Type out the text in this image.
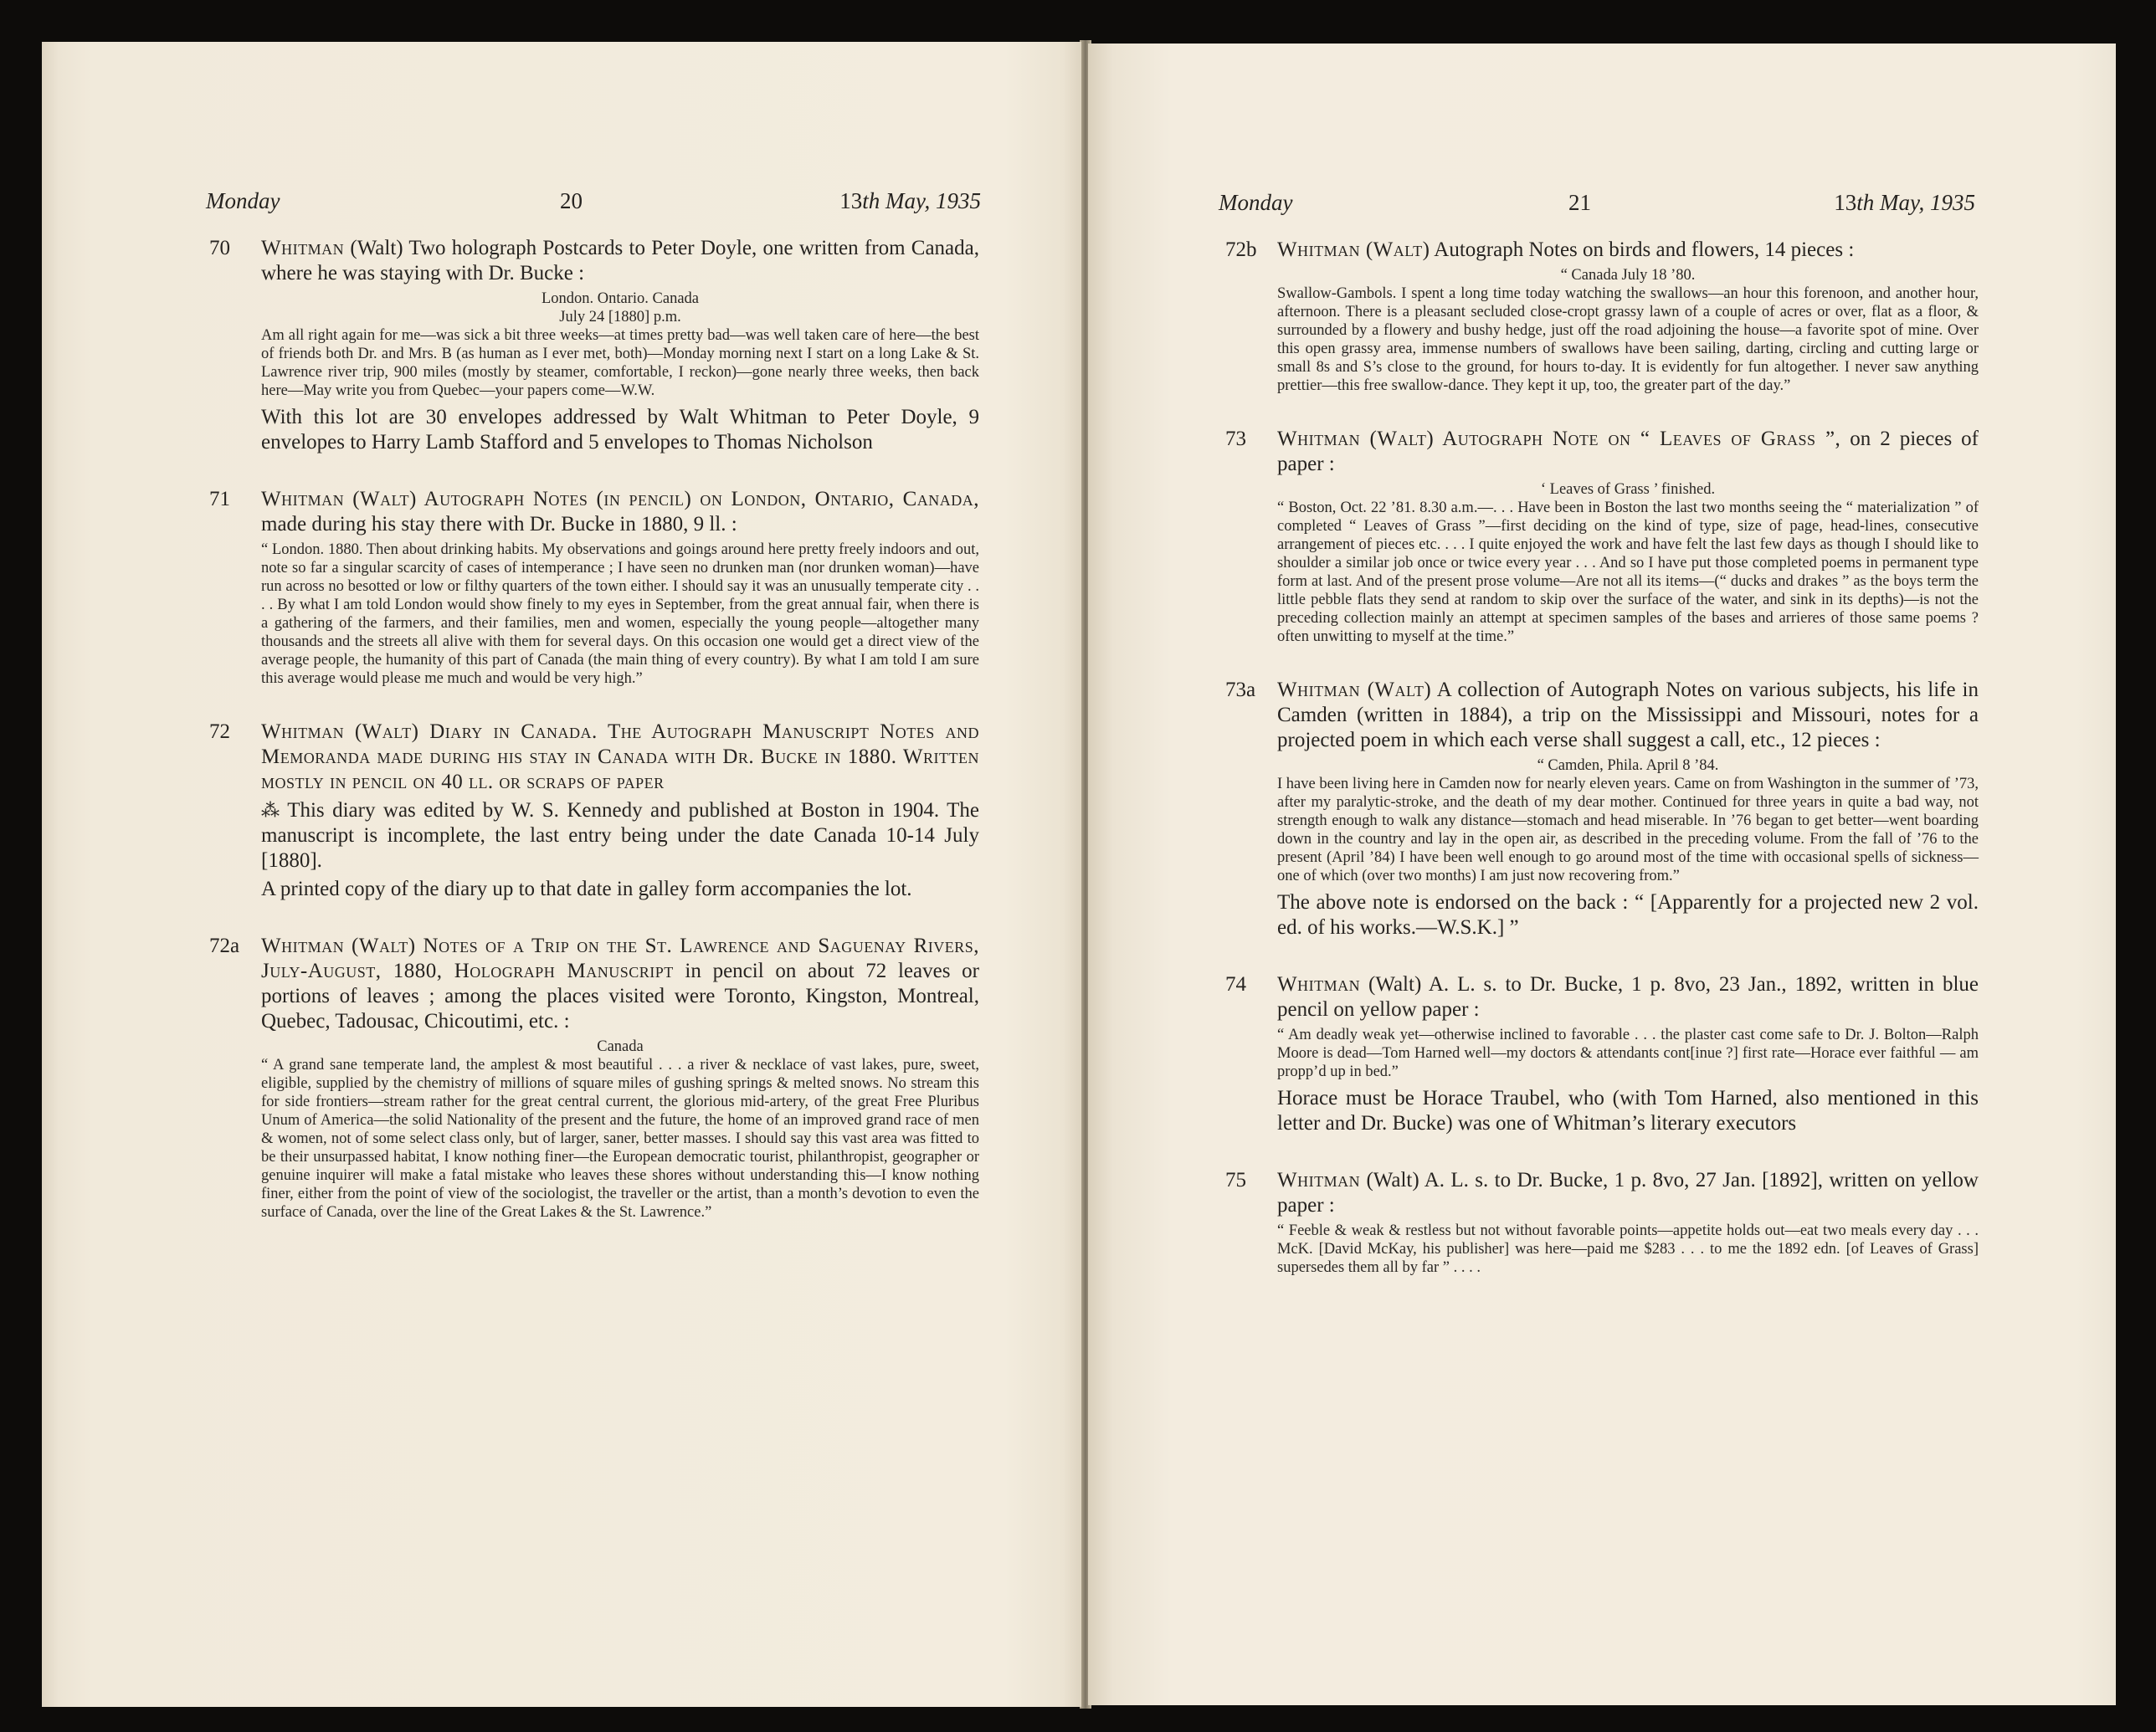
Monday	20	13th May, 1935
70 Whitman (Walt) Two holograph Postcards to Peter Doyle, one written from Canada, where he was staying with Dr. Bucke :
London. Ontario. Canada
July 24 [1880] p.m.
Am all right again for me—was sick a bit three weeks—at times pretty bad—was well taken care of here—the best of friends both Dr. and Mrs. B (as human as I ever met, both)—Monday morning next I start on a long Lake & St. Lawrence river trip, 900 miles (mostly by steamer, comfortable, I reckon)—gone nearly three weeks, then back here—May write you from Quebec—your papers come—W.W.
With this lot are 30 envelopes addressed by Walt Whitman to Peter Doyle, 9 envelopes to Harry Lamb Stafford and 5 envelopes to Thomas Nicholson
71 Whitman (Walt) Autograph Notes (in pencil) on London, Ontario, Canada, made during his stay there with Dr. Bucke in 1880, 9 ll. :
“ London. 1880. Then about drinking habits. My observations and goings around here pretty freely indoors and out, note so far a singular scarcity of cases of intemperance ; I have seen no drunken man (nor drunken woman)—have run across no besotted or low or filthy quarters of the town either. I should say it was an unusually temperate city . . . . By what I am told London would show finely to my eyes in September, from the great annual fair, when there is a gathering of the farmers, and their families, men and women, especially the young people—altogether many thousands and the streets all alive with them for several days. On this occasion one would get a direct view of the average people, the humanity of this part of Canada (the main thing of every country). By what I am told I am sure this average would please me much and would be very high.”
72 Whitman (Walt) Diary in Canada. The Autograph Manuscript Notes and Memoranda made during his stay in Canada with Dr. Bucke in 1880. Written mostly in pencil on 40 ll. or scraps of paper
⁂ This diary was edited by W. S. Kennedy and published at Boston in 1904. The manuscript is incomplete, the last entry being under the date Canada 10-14 July [1880].
A printed copy of the diary up to that date in galley form accompanies the lot.
72a Whitman (Walt) Notes of a Trip on the St. Lawrence and Saguenay Rivers, July-August, 1880, Holograph Manuscript in pencil on about 72 leaves or portions of leaves ; among the places visited were Toronto, Kingston, Montreal, Quebec, Tadousac, Chicoutimi, etc. :
Canada
“ A grand sane temperate land, the amplest & most beautiful . . . a river & necklace of vast lakes, pure, sweet, eligible, supplied by the chemistry of millions of square miles of gushing springs & melted snows. No stream this for side frontiers—stream rather for the great central current, the glorious mid-artery, of the great Free Pluribus Unum of America—the solid Nationality of the present and the future, the home of an improved grand race of men & women, not of some select class only, but of larger, saner, better masses. I should say this vast area was fitted to be their unsurpassed habitat, I know nothing finer—the European democratic tourist, philanthropist, geographer or genuine inquirer will make a fatal mistake who leaves these shores without understanding this—I know nothing finer, either from the point of view of the sociologist, the traveller or the artist, than a month’s devotion to even the surface of Canada, over the line of the Great Lakes & the St. Lawrence.”
Monday	21	13th May, 1935
72b Whitman (Walt) Autograph Notes on birds and flowers, 14 pieces :
“ Canada July 18 ’80.
Swallow-Gambols. I spent a long time today watching the swallows—an hour this forenoon, and another hour, afternoon. There is a pleasant secluded close-cropt grassy lawn of a couple of acres or over, flat as a floor, & surrounded by a flowery and bushy hedge, just off the road adjoining the house—a favorite spot of mine. Over this open grassy area, immense numbers of swallows have been sailing, darting, circling and cutting large or small 8s and S’s close to the ground, for hours to-day. It is evidently for fun altogether. I never saw anything prettier—this free swallow-dance. They kept it up, too, the greater part of the day.”
73 Whitman (Walt) Autograph Note on “ Leaves of Grass ”, on 2 pieces of paper :
‘ Leaves of Grass ’ finished.
“ Boston, Oct. 22 ’81. 8.30 a.m.—. . . Have been in Boston the last two months seeing the “ materialization ” of completed “ Leaves of Grass ”—first deciding on the kind of type, size of page, head-lines, consecutive arrangement of pieces etc. . . . I quite enjoyed the work and have felt the last few days as though I should like to shoulder a similar job once or twice every year . . . And so I have put those completed poems in permanent type form at last. And of the present prose volume—Are not all its items—(“ ducks and drakes ” as the boys term the little pebble flats they send at random to skip over the surface of the water, and sink in its depths)—is not the preceding collection mainly an attempt at specimen samples of the bases and arrieres of those same poems ? often unwitting to myself at the time.”
73a Whitman (Walt) A collection of Autograph Notes on various subjects, his life in Camden (written in 1884), a trip on the Mississippi and Missouri, notes for a projected poem in which each verse shall suggest a call, etc., 12 pieces :
“ Camden, Phila. April 8 ’84.
I have been living here in Camden now for nearly eleven years. Came on from Washington in the summer of ’73, after my paralytic-stroke, and the death of my dear mother. Continued for three years in quite a bad way, not strength enough to walk any distance—stomach and head miserable. In ’76 began to get better—went boarding down in the country and lay in the open air, as described in the preceding volume. From the fall of ’76 to the present (April ’84) I have been well enough to go around most of the time with occasional spells of sickness—one of which (over two months) I am just now recovering from.”
The above note is endorsed on the back : “ [Apparently for a projected new 2 vol. ed. of his works.—W.S.K.] ”
74 Whitman (Walt) A. L. s. to Dr. Bucke, 1 p. 8vo, 23 Jan., 1892, written in blue pencil on yellow paper :
“ Am deadly weak yet—otherwise inclined to favorable . . . the plaster cast come safe to Dr. J. Bolton—Ralph Moore is dead—Tom Harned well—my doctors & attendants cont[inue ?] first rate—Horace ever faithful — am propp’d up in bed.”
Horace must be Horace Traubel, who (with Tom Harned, also mentioned in this letter and Dr. Bucke) was one of Whitman’s literary executors
75 Whitman (Walt) A. L. s. to Dr. Bucke, 1 p. 8vo, 27 Jan. [1892], written on yellow paper :
“ Feeble & weak & restless but not without favorable points—appetite holds out—eat two meals every day . . . McK. [David McKay, his publisher] was here—paid me $283 . . . to me the 1892 edn. [of Leaves of Grass] supersedes them all by far ” . . . .
